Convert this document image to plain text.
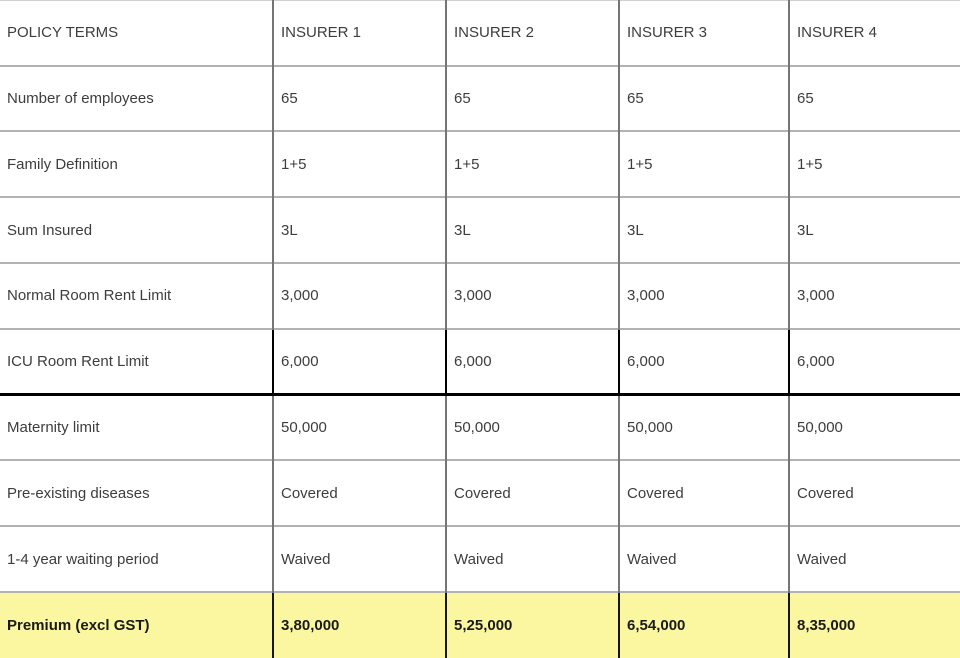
POLICY TERMS	INSURER 1	INSURER 2	INSURER 3	INSURER 4
Number of employees	65	65	65	65
Family Definition	1+5	1+5	1+5	1+5
Sum Insured	3L	3L	3L	3L
Normal Room Rent Limit	3,000	3,000	3,000	3,000
ICU Room Rent Limit	6,000	6,000	6,000	6,000
Maternity limit	50,000	50,000	50,000	50,000
Pre-existing diseases	Covered	Covered	Covered	Covered
1-4 year waiting period	Waived	Waived	Waived	Waived
Premium (excl GST)	3,80,000	5,25,000	6,54,000	8,35,000
